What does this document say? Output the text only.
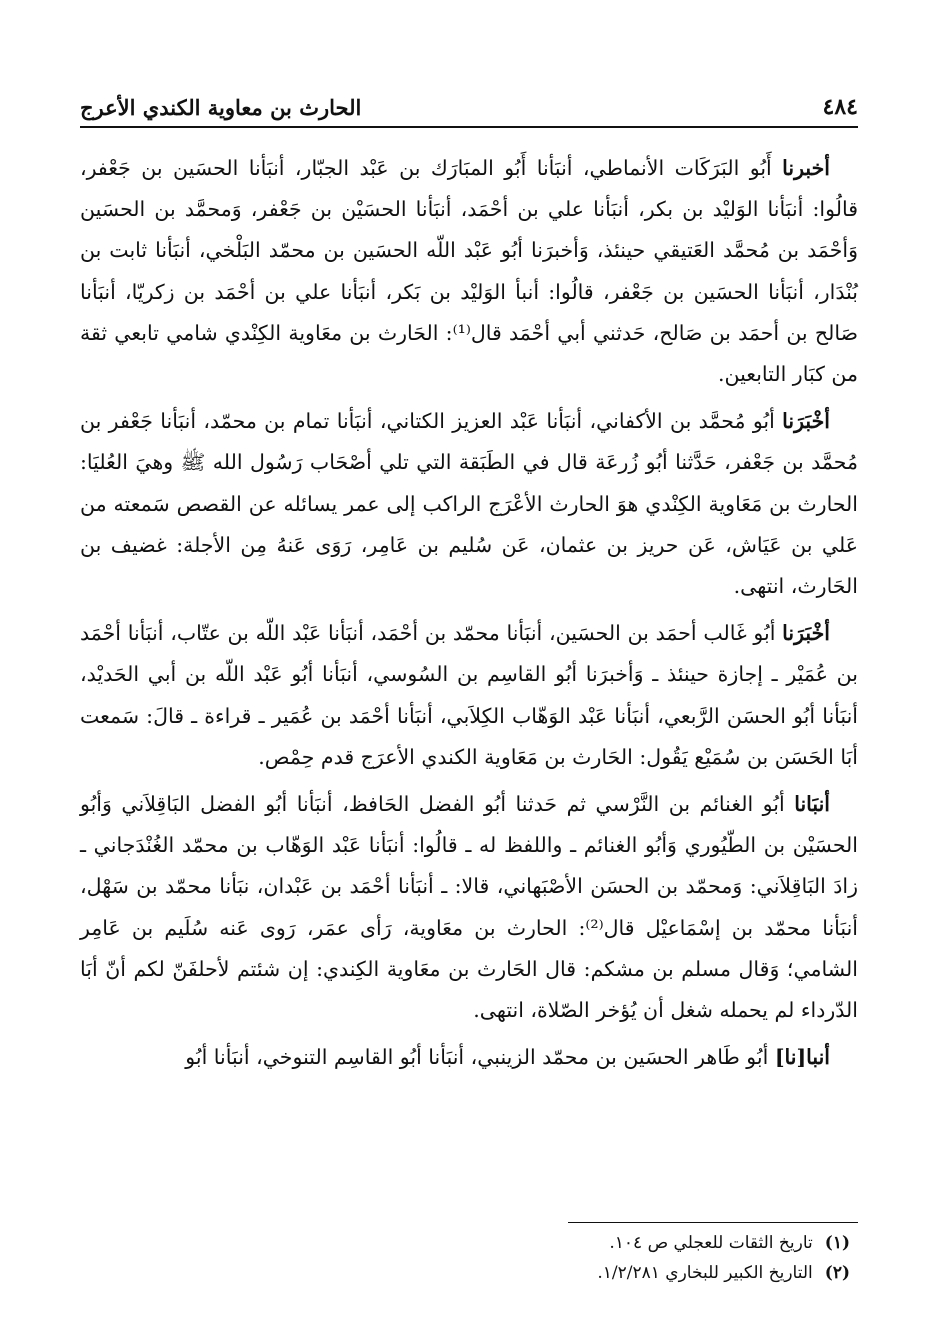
٤٨٤
الحارث بن معاوية الكندي الأعرج

أخبرنا أَبُو البَرَكَات الأنماطي، أنبَأنا أَبُو المبَارَك بن عَبْد الجبّار، أنبَأنا الحسَين بن جَعْفر، قالُوا: أنبَأنا الوَليْد بن بكر، أنبَأنا علي بن أحْمَد، أنبَأنا الحسَيْن بن جَعْفر، وَمحمَّد بن الحسَين وَأحْمَد بن مُحمَّد العَتيقي حينئذ، وَأخبرَنا أبُو عَبْد اللّه الحسَين بن محمّد البَلْخي، أنبَأنا ثابت بن بُنْدَار، أنبَأنا الحسَين بن جَعْفر، قالُوا: أنبأ الوَليْد بن بَكر، أنبَأنا علي بن أحْمَد بن زكريّا، أنبَأنا صَالح بن أحمَد بن صَالح، حَدثني أبي أحْمَد قال⁽¹⁾: الحَارث بن معَاوية الكِنْدي شامي تابعي ثقة من كبَار التابعين.

أخْبَرَنا أبُو مُحمَّد بن الأكفاني، أنبَأنا عَبْد العزيز الكتاني، أنبَأنا تمام بن محمّد، أنبَأنا جَعْفر بن مُحمَّد بن جَعْفر، حَدَّثنا أبُو زُرعَة قال في الطَبَقة التي تلي أصْحَاب رَسُول الله ﷺ وهيَ العُليَا: الحارث بن مَعَاوية الكِنْدي هوَ الحارث الأعْرَج الراكب إلى عمر يسائله عن القصص سَمعته من عَلي بن عَيَاش، عَن حريز بن عثمان، عَن سُليم بن عَامِر، رَوَى عَنهُ مِن الأجلة: غضيف بن الحَارث، انتهى.

أخْبَرَنا أبُو غَالب أحمَد بن الحسَين، أنبَأنا محمّد بن أحْمَد، أنبَأنا عَبْد اللّه بن عتّاب، أنبَأنا أحْمَد بن عُمَيْر ـ إجازة حينئذ ـ وَأخبرَنا أبُو القاسِم بن السُوسي، أنبَأنا أبُو عَبْد اللّه بن أبي الحَديْد، أنبَأنا أبُو الحسَن الرَّبعي، أنبَأنا عَبْد الوَهّاب الكِلاَبي، أنبَأنا أحْمَد بن عُمَير ـ قراءة ـ قالَ: سَمعت أبَا الحَسَن بن سُمَيْع يَقُول: الحَارث بن مَعَاوية الكندي الأعرَج قدم حِمْص.

أنبَانا أبُو الغنائم بن النَّرْسي ثم حَدثنا أبُو الفضل الحَافظ، أنبَأنا أبُو الفضل البَاقِلاَني وَأبُو الحسَيْن بن الطّيُوري وَأبُو الغنائم ـ واللفظ له ـ قالُوا: أنبَأنا عَبْد الوَهّاب بن محمّد الغُنْدَجاني ـ زادَ البَاقِلاَني: وَمحمّد بن الحسَن الأصْبَهاني، قالا: ـ أنبَأنا أحْمَد بن عَبْدان، نبَأنا محمّد بن سَهْل، أنبَأنا محمّد بن إسْمَاعيْل قال⁽²⁾: الحارث بن معَاوية، رَأى عمَر، رَوى عَنه سُلَيم بن عَامِر الشامي؛ وَقال مسلم بن مشكم: قال الحَارث بن معَاوية الكِندي: إن شئتم لأحلفَنّ لكم أنّ أبَا الدّرداء لم يحمله شغل أن يُؤخر الصّلاة، انتهى.

أنبا[نا] أبُو طَاهر الحسَين بن محمّد الزينبي، أنبَأنا أبُو القاسِم التنوخي، أنبَأنا أبُو

(١)
تاريخ الثقات للعجلي ص ١٠٤.
(٢)
التاريخ الكبير للبخاري ١/٢/٢٨١.
